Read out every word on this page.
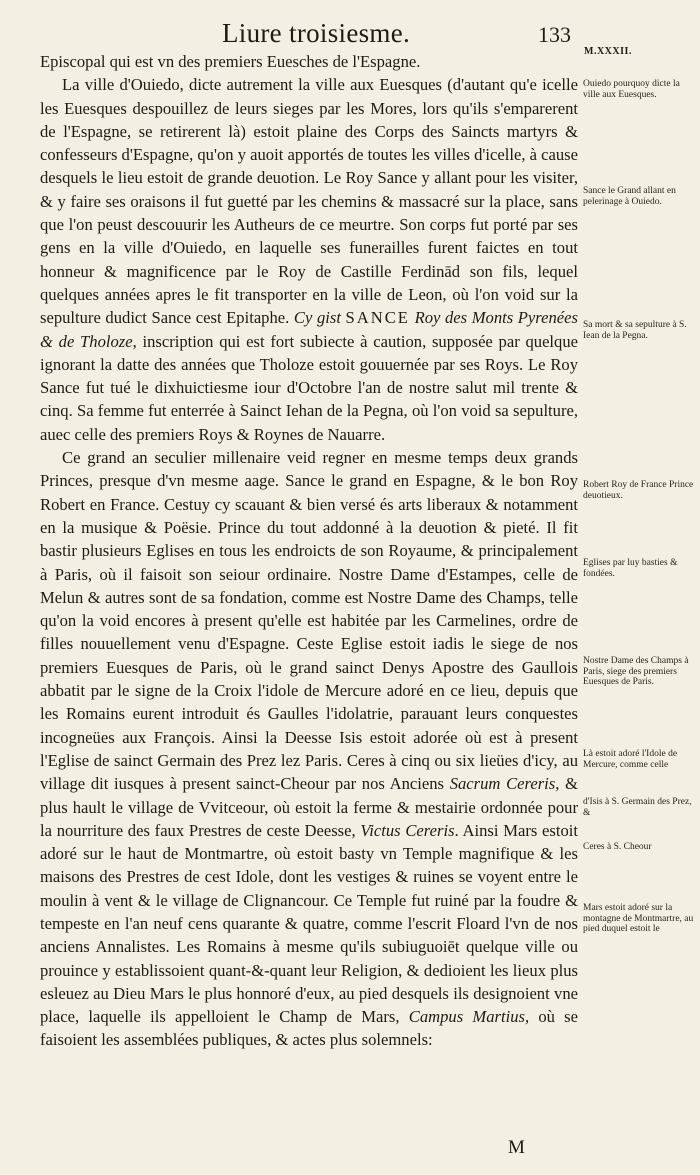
Liure troisiesme.	133
M.XXXII.

Episcopal qui est vn des premiers Euesches de l'Espagne.

La ville d'Ouiedo, dicte autrement la ville aux Euesques (d'autant qu'e icelle les Euesques despouillez de leurs sieges par les Mores, lors qu'ils s'emparerent de l'Espagne, se retirerent là) estoit plaine des Corps des Saincts martyrs & confesseurs d'Espagne, qu'on y auoit apportés de toutes les villes d'icelle, à cause desquels le lieu estoit de grande deuotion. Le Roy Sance y allant pour les visiter, & y faire ses oraisons il fut guetté par les chemins & massacré sur la place, sans que l'on peust descouurir les Autheurs de ce meurtre. Son corps fut porté par ses gens en la ville d'Ouiedo, en laquelle ses funerailles furent faictes en tout honneur & magnificence par le Roy de Castille Ferdinād son fils, lequel quelques années apres le fit transporter en la ville de Leon, où l'on void sur la sepulture dudict Sance cest Epitaphe. Cy gist SANCE Roy des Monts Pyrenées & de Tholoze, inscription qui est fort subiecte à caution, supposée par quelque ignorant la datte des années que Tholoze estoit gouuernée par ses Roys. Le Roy Sance fut tué le dixhuictiesme iour d'Octobre l'an de nostre salut mil trente & cinq. Sa femme fut enterrée à Sainct Iehan de la Pegna, où l'on void sa sepulture, auec celle des premiers Roys & Roynes de Nauarre.

Ce grand an seculier millenaire veid regner en mesme temps deux grands Princes, presque d'vn mesme aage. Sance le grand en Espagne, & le bon Roy Robert en France. Cestuy cy scauant & bien versé és arts liberaux & notamment en la musique & Poësie. Prince du tout addonné à la deuotion & pieté. Il fit bastir plusieurs Eglises en tous les endroicts de son Royaume, & principalement à Paris, où il faisoit son seiour ordinaire. Nostre Dame d'Estampes, celle de Melun & autres sont de sa fondation, comme est Nostre Dame des Champs, telle qu'on la void encores à present qu'elle est habitée par les Carmelines, ordre de filles nouuellement venu d'Espagne. Ceste Eglise estoit iadis le siege de nos premiers Euesques de Paris, où le grand sainct Denys Apostre des Gaullois abbatit par le signe de la Croix l'idole de Mercure adoré en ce lieu, depuis que les Romains eurent introduit és Gaulles l'idolatrie, parauant leurs conquestes incogneües aux François. Ainsi la Deesse Isis estoit adorée où est à present l'Eglise de sainct Germain des Prez lez Paris. Ceres à cinq ou six lieües d'icy, au village dit iusques à present sainct-Cheour par nos Anciens Sacrum Cereris, & plus hault le village de Vvitceour, où estoit la ferme & mestairie ordonnée pour la nourriture des faux Prestres de ceste Deesse, Victus Cereris. Ainsi Mars estoit adoré sur le haut de Montmartre, où estoit basty vn Temple magnifique & les maisons des Prestres de cest Idole, dont les vestiges & ruines se voyent entre le moulin à vent & le village de Clignancour. Ce Temple fut ruiné par la foudre & tempeste en l'an neuf cens quarante & quatre, comme l'escrit Floard l'vn de nos anciens Annalistes. Les Romains à mesme qu'ils subiuguoiēt quelque ville ou prouince y establissoient quant-&-quant leur Religion, & dedioient les lieux plus esleuez au Dieu Mars le plus honnoré d'eux, au pied desquels ils designoient vne place, laquelle ils appelloient le Champ de Mars, Campus Martius, où se faisoient les assemblées publiques, & actes plus solemnels:

Ouiedo pourquoy dicte la ville aux Euesques.
Sance le Grand allant en pelerinage à Ouiedo.
Sa mort & sa sepulture à S. Iean de la Pegna.
Robert Roy de France Prince deuotieux.
Eglises par luy basties & fondées.
Nostre Dame des Champs à Paris, siege des premiers Euesques de Paris.
Là estoit adoré l'Idole de Mercure, comme celle
d'Isis à S. Germain des Prez, &
Ceres à S. Cheour
Mars estoit adoré sur la montagne de Montmartre, au pied duquel estoit le
M
